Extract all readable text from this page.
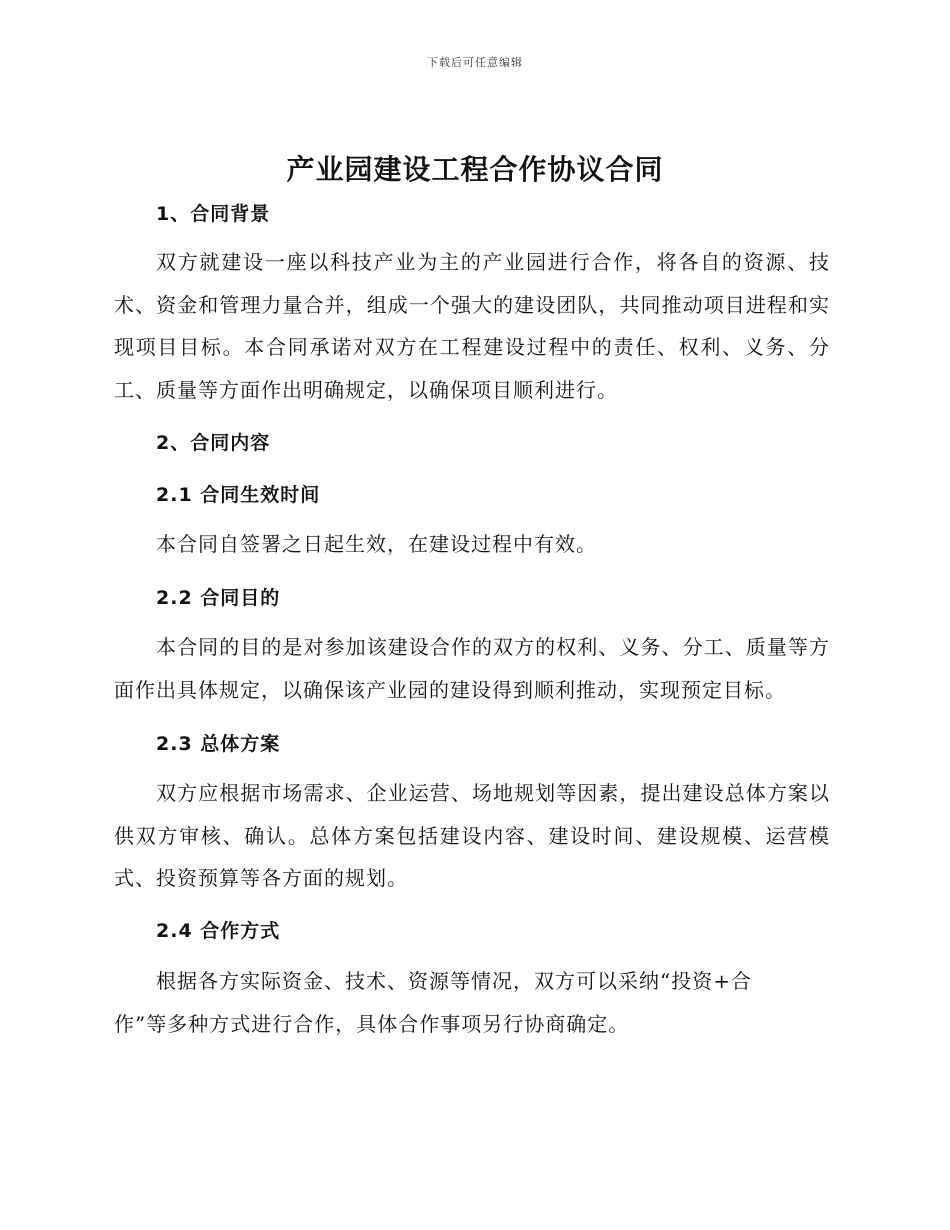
下载后可任意编辑
产业园建设工程合作协议合同
1、合同背景
双方就建设一座以科技产业为主的产业园进行合作，将各自的资源、技术、资金和管理力量合并，组成一个强大的建设团队，共同推动项目进程和实现项目目标。本合同承诺对双方在工程建设过程中的责任、权利、义务、分工、质量等方面作出明确规定，以确保项目顺利进行。
2、合同内容
2.1 合同生效时间
本合同自签署之日起生效，在建设过程中有效。
2.2 合同目的
本合同的目的是对参加该建设合作的双方的权利、义务、分工、质量等方面作出具体规定，以确保该产业园的建设得到顺利推动，实现预定目标。
2.3 总体方案
双方应根据市场需求、企业运营、场地规划等因素，提出建设总体方案以供双方审核、确认。总体方案包括建设内容、建设时间、建设规模、运营模式、投资预算等各方面的规划。
2.4 合作方式
根据各方实际资金、技术、资源等情况，双方可以采纳“投资+合作”等多种方式进行合作，具体合作事项另行协商确定。
